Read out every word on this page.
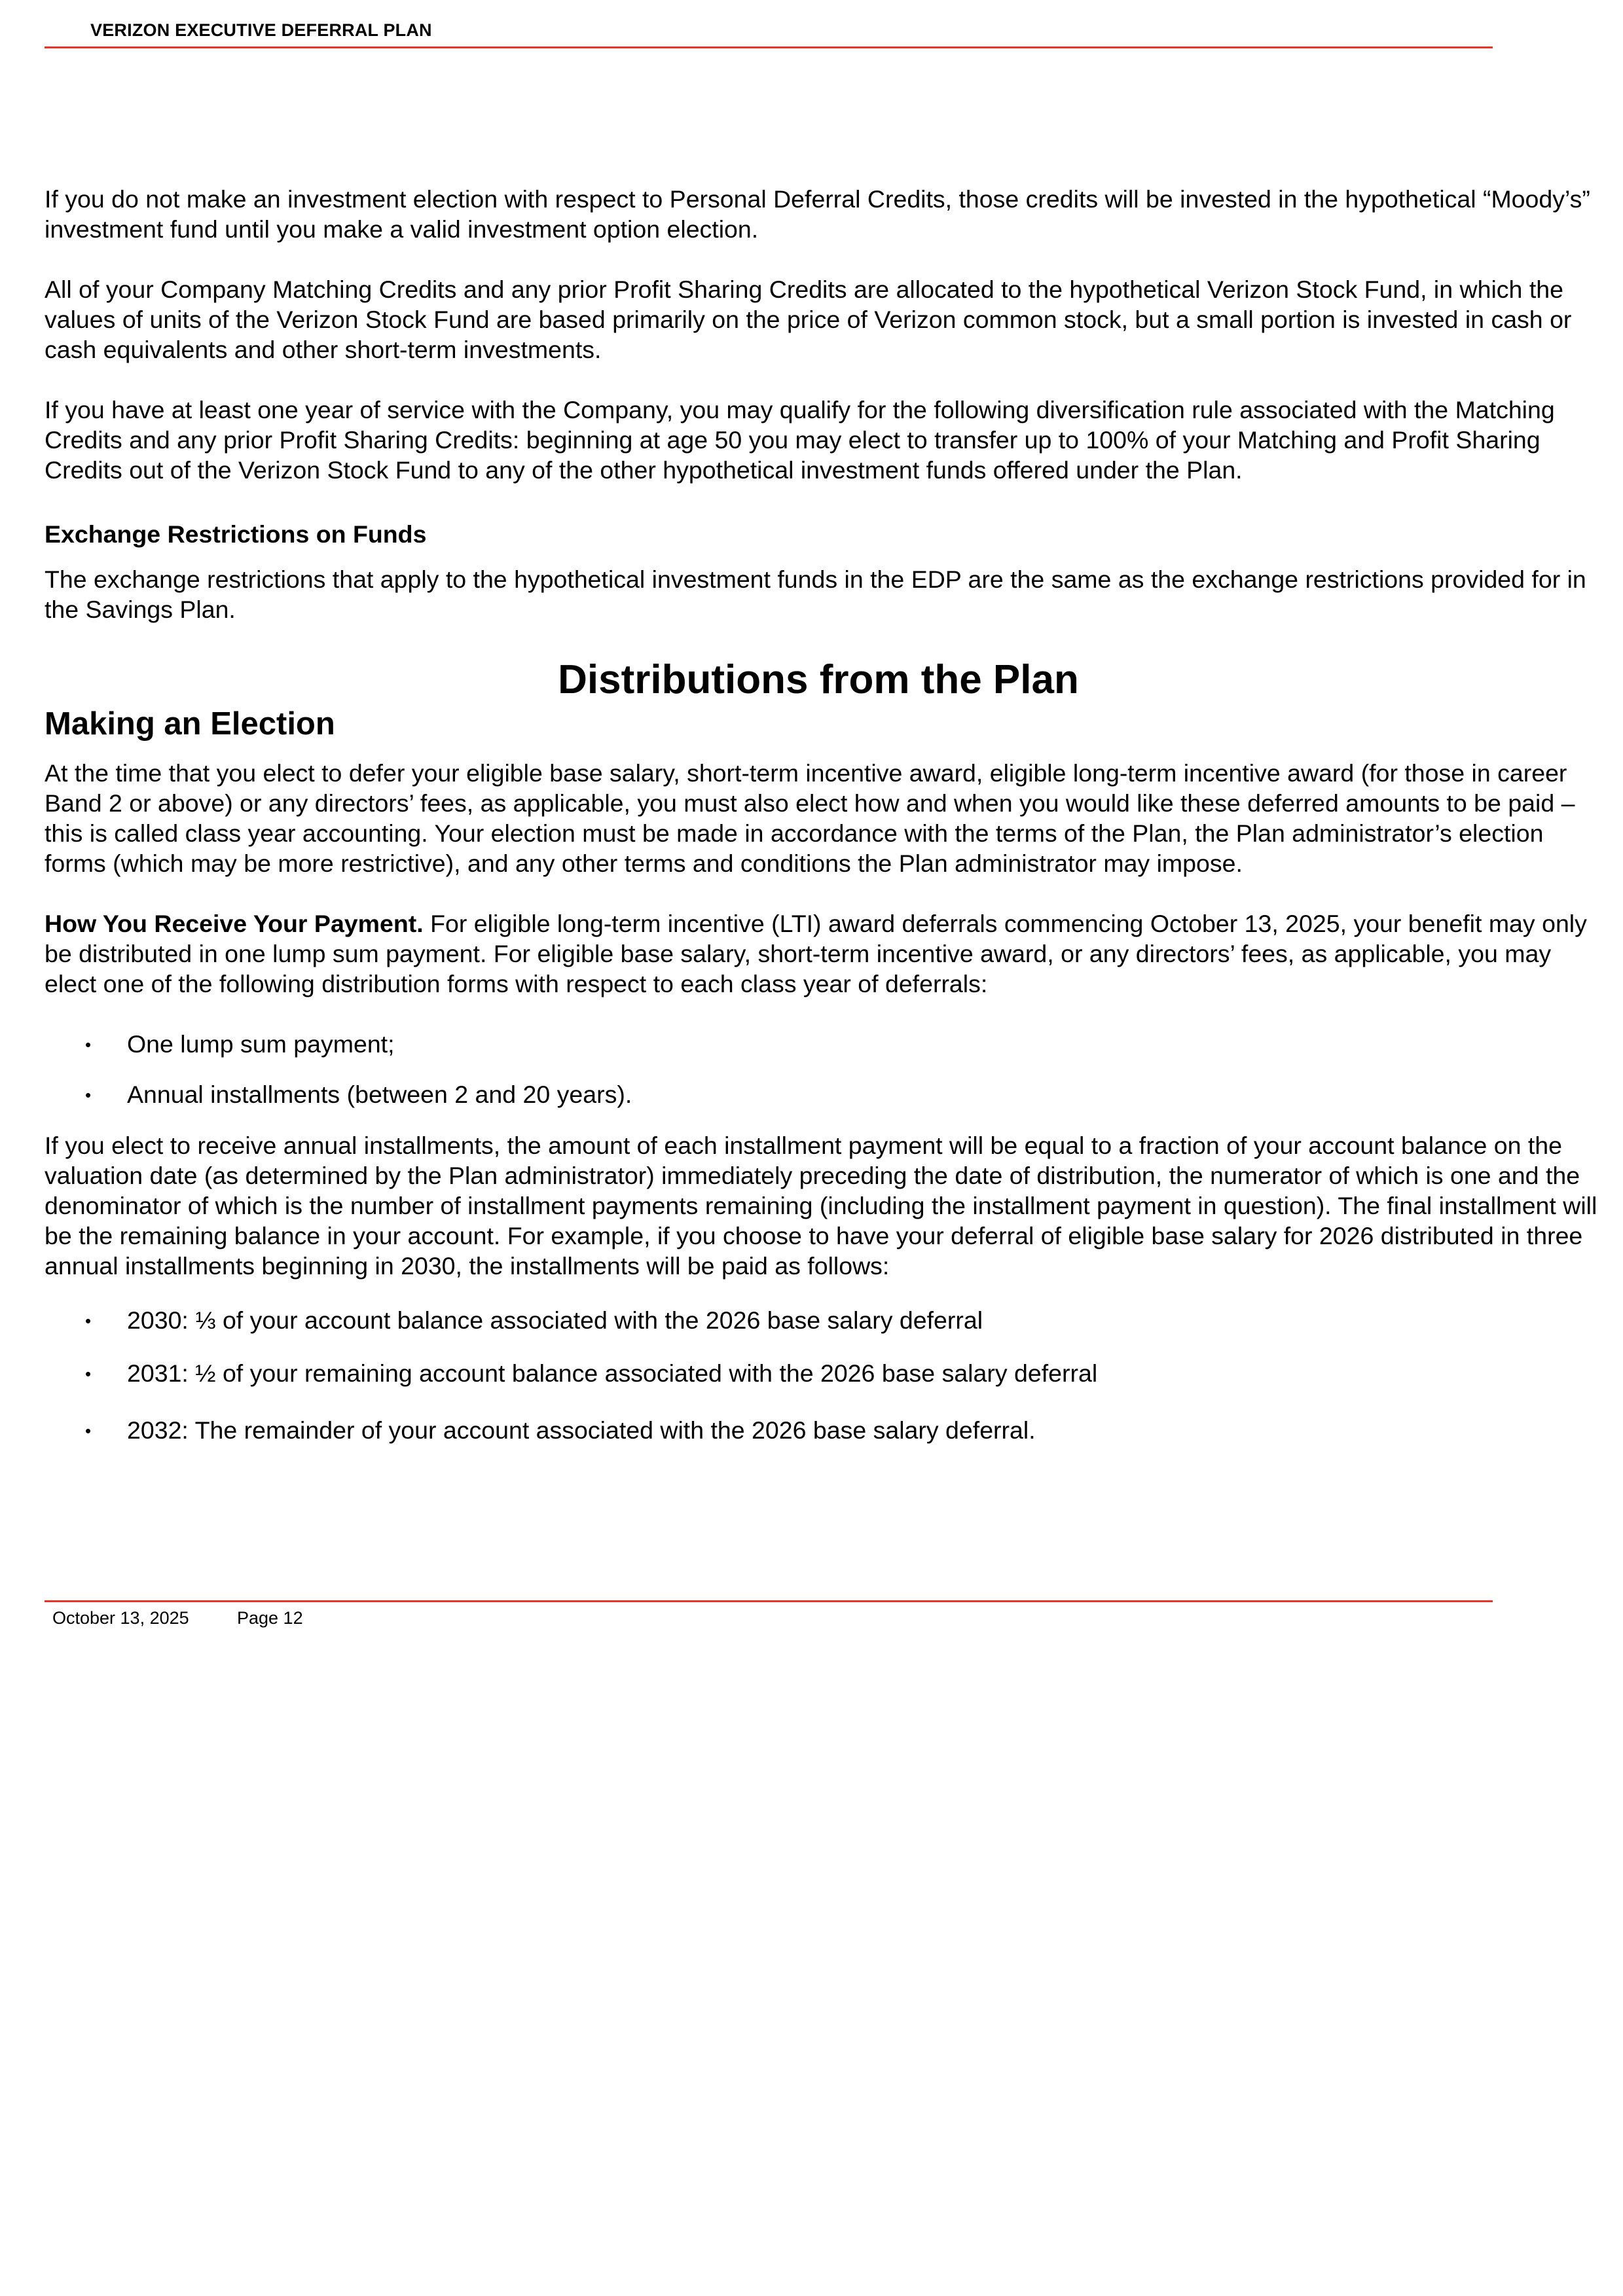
VERIZON EXECUTIVE DEFERRAL PLAN

If you do not make an investment election with respect to Personal Deferral Credits, those credits will be invested in the hypothetical “Moody’s” investment fund until you make a valid investment option election.

All of your Company Matching Credits and any prior Profit Sharing Credits are allocated to the hypothetical Verizon Stock Fund, in which the values of units of the Verizon Stock Fund are based primarily on the price of Verizon common stock, but a small portion is invested in cash or cash equivalents and other short-term investments.

If you have at least one year of service with the Company, you may qualify for the following diversification rule associated with the Matching Credits and any prior Profit Sharing Credits: beginning at age 50 you may elect to transfer up to 100% of your Matching and Profit Sharing Credits out of the Verizon Stock Fund to any of the other hypothetical investment funds offered under the Plan.

Exchange Restrictions on Funds

The exchange restrictions that apply to the hypothetical investment funds in the EDP are the same as the exchange restrictions provided for in the Savings Plan.

Distributions from the Plan
Making an Election

At the time that you elect to defer your eligible base salary, short-term incentive award, eligible long-term incentive award (for those in career Band 2 or above) or any directors’ fees, as applicable, you must also elect how and when you would like these deferred amounts to be paid – this is called class year accounting. Your election must be made in accordance with the terms of the Plan, the Plan administrator’s election forms (which may be more restrictive), and any other terms and conditions the Plan administrator may impose.

How You Receive Your Payment. For eligible long-term incentive (LTI) award deferrals commencing October 13, 2025, your benefit may only be distributed in one lump sum payment. For eligible base salary, short-term incentive award, or any directors’ fees, as applicable, you may elect one of the following distribution forms with respect to each class year of deferrals:

• One lump sum payment;
• Annual installments (between 2 and 20 years).

If you elect to receive annual installments, the amount of each installment payment will be equal to a fraction of your account balance on the valuation date (as determined by the Plan administrator) immediately preceding the date of distribution, the numerator of which is one and the denominator of which is the number of installment payments remaining (including the installment payment in question). The final installment will be the remaining balance in your account. For example, if you choose to have your deferral of eligible base salary for 2026 distributed in three annual installments beginning in 2030, the installments will be paid as follows:

• 2030: ⅓ of your account balance associated with the 2026 base salary deferral
• 2031: ½ of your remaining account balance associated with the 2026 base salary deferral
• 2032: The remainder of your account associated with the 2026 base salary deferral.
October 13, 2025	Page 12
